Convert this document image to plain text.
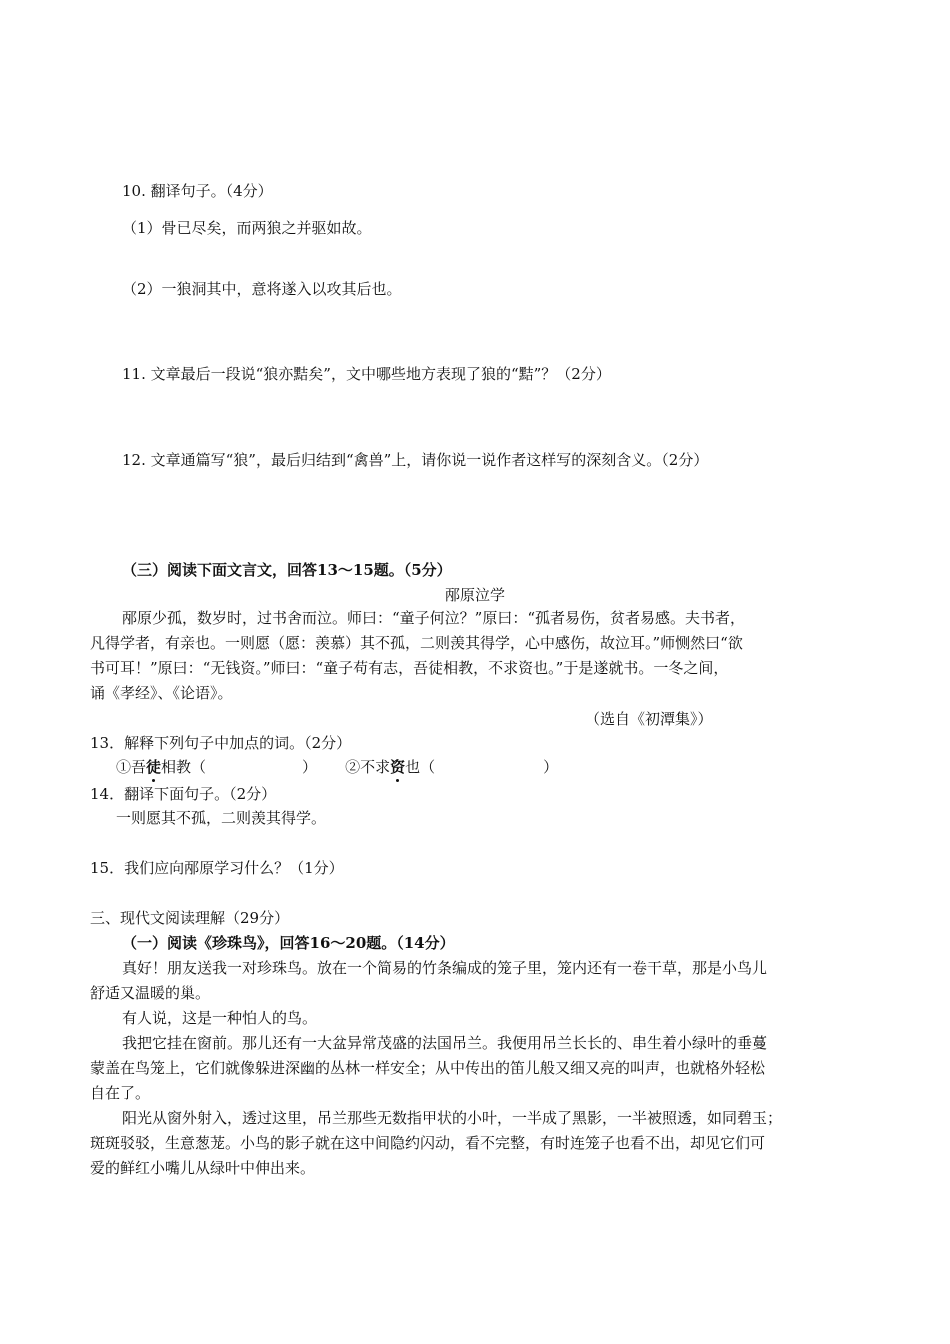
10. 翻译句子。（4分）
（1）骨已尽矣，而两狼之并驱如故。
（2）一狼洞其中，意将遂入以攻其后也。
11. 文章最后一段说“狼亦黠矣”，文中哪些地方表现了狼的“黠”？（2分）
12. 文章通篇写“狼”，最后归结到“禽兽”上，请你说一说作者这样写的深刻含义。（2分）
（三）阅读下面文言文，回答13～15题。（5分）
邴原泣学
邴原少孤，数岁时，过书舍而泣。师曰：“童子何泣？”原曰：“孤者易伤，贫者易感。夫书者，
凡得学者，有亲也。一则愿（愿：羡慕）其不孤，二则羡其得学，心中感伤，故泣耳。”师恻然曰“欲
书可耳！”原曰：“无钱资。”师曰：“童子苟有志，吾徒相教，不求资也。”于是遂就书。一冬之间，
诵《孝经》、《论语》。
（选自《初潭集》）
13．解释下列句子中加点的词。（2分）
①吾徒相教（	） ②不求资也（	）
14．翻译下面句子。（2分）
一则愿其不孤，二则羡其得学。
15．我们应向邴原学习什么？（1分）
三、现代文阅读理解（29分）
（一）阅读《珍珠鸟》，回答16～20题。（14分）
真好！朋友送我一对珍珠鸟。放在一个简易的竹条编成的笼子里，笼内还有一卷干草，那是小鸟儿
舒适又温暖的巢。
有人说，这是一种怕人的鸟。
我把它挂在窗前。那儿还有一大盆异常茂盛的法国吊兰。我便用吊兰长长的、串生着小绿叶的垂蔓
蒙盖在鸟笼上，它们就像躲进深幽的丛林一样安全；从中传出的笛儿般又细又亮的叫声，也就格外轻松
自在了。
阳光从窗外射入，透过这里，吊兰那些无数指甲状的小叶，一半成了黑影，一半被照透，如同碧玉；
斑斑驳驳，生意葱茏。小鸟的影子就在这中间隐约闪动，看不完整，有时连笼子也看不出，却见它们可
爱的鲜红小嘴儿从绿叶中伸出来。
